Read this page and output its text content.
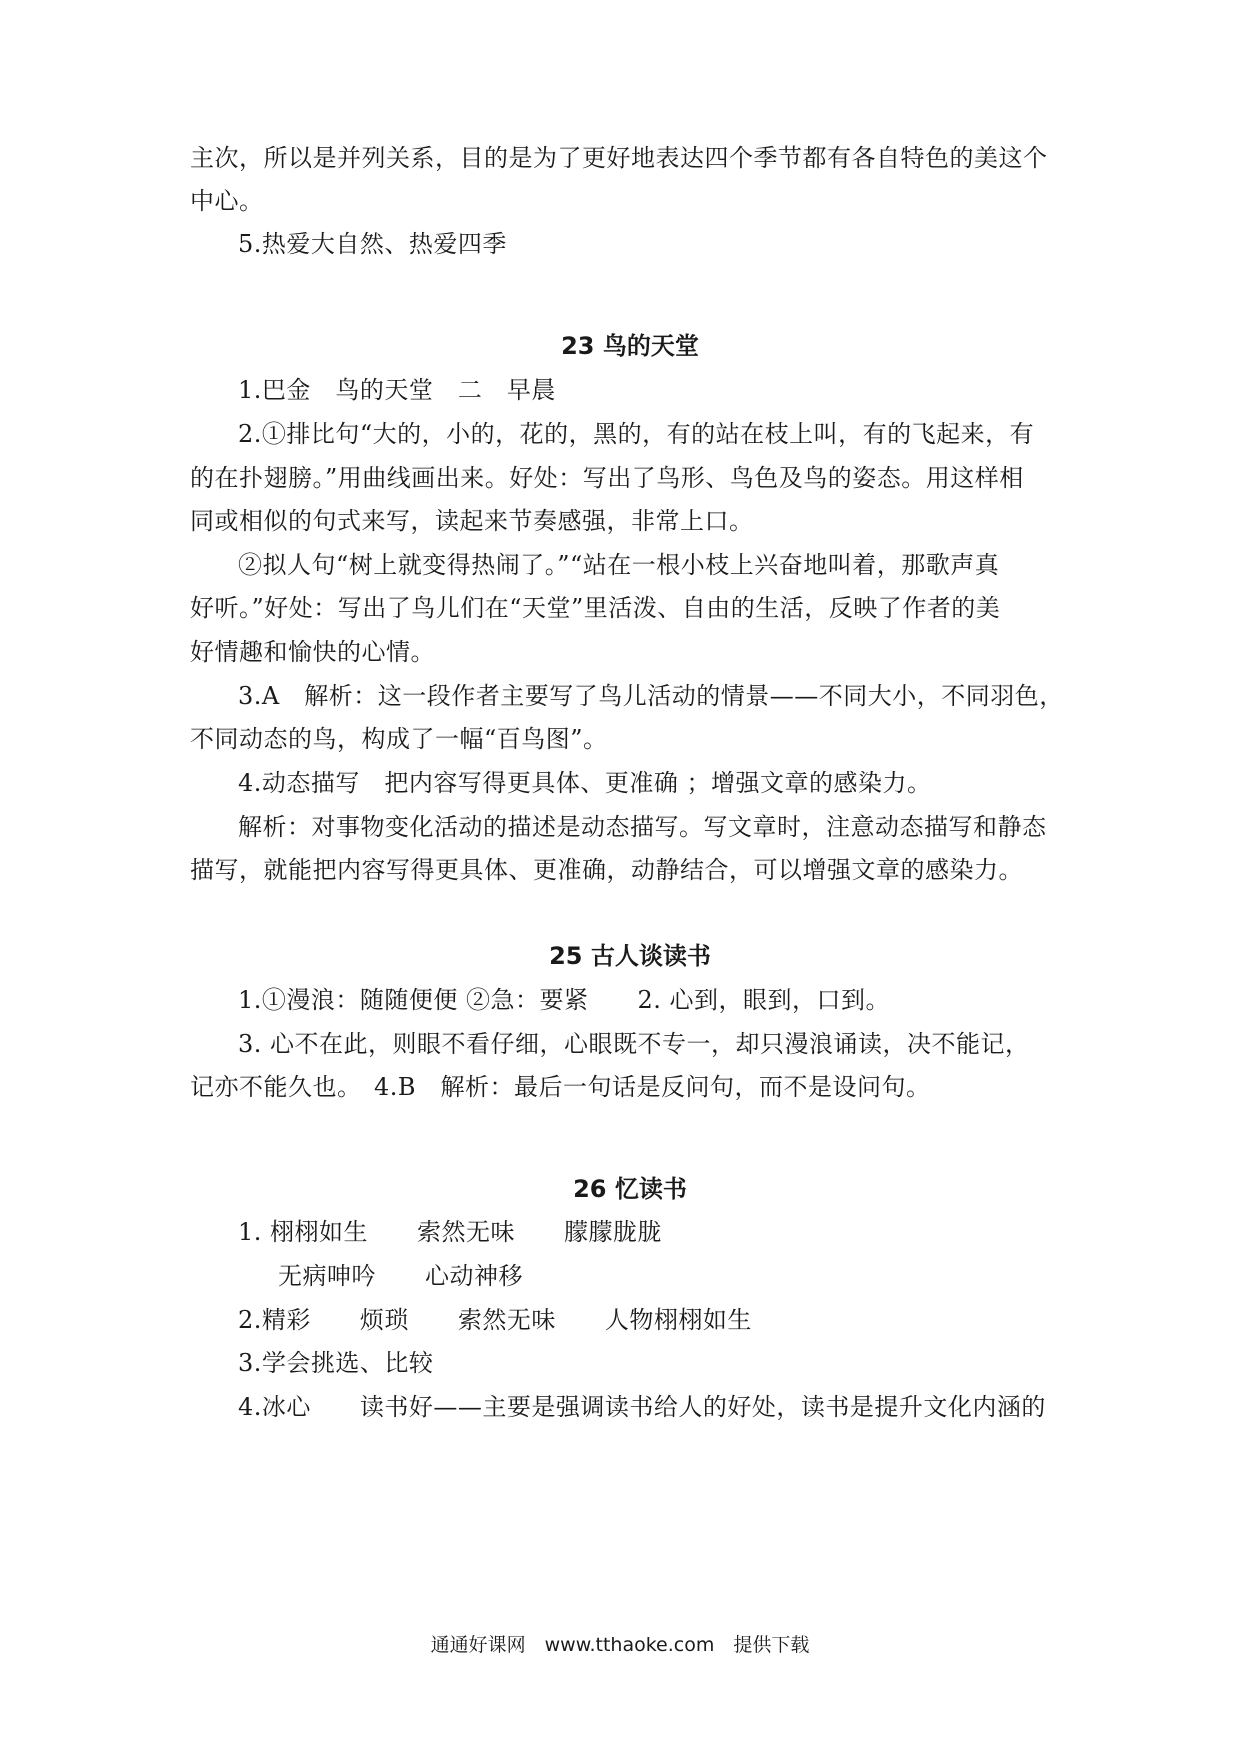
主次，所以是并列关系，目的是为了更好地表达四个季节都有各自特色的美这个
中心。
5.热爱大自然、热爱四季
23 鸟的天堂
1.巴金　鸟的天堂　二　早晨
2.①排比句“大的，小的，花的，黑的，有的站在枝上叫，有的飞起来，有
的在扑翅膀。”用曲线画出来。好处：写出了鸟形、鸟色及鸟的姿态。用这样相
同或相似的句式来写，读起来节奏感强，非常上口。
②拟人句“树上就变得热闹了。”“站在一根小枝上兴奋地叫着，那歌声真
好听。”好处：写出了鸟儿们在“天堂”里活泼、自由的生活，反映了作者的美
好情趣和愉快的心情。
3.A　解析：这一段作者主要写了鸟儿活动的情景——不同大小，不同羽色，
不同动态的鸟，构成了一幅“百鸟图”。
4.动态描写　把内容写得更具体、更准确 ；增强文章的感染力。
解析：对事物变化活动的描述是动态描写。写文章时，注意动态描写和静态
描写，就能把内容写得更具体、更准确，动静结合，可以增强文章的感染力。
25 古人谈读书
1.①漫浪：随随便便 ②急：要紧　　2. 心到，眼到，口到。
3. 心不在此，则眼不看仔细，心眼既不专一，却只漫浪诵读，决不能记，
记亦不能久也。　4.B　解析：最后一句话是反问句，而不是设问句。
26 忆读书
1. 栩栩如生　　索然无味　　朦朦胧胧
无病呻吟　　心动神移
2.精彩　　烦琐　　索然无味　　人物栩栩如生
3.学会挑选、比较
4.冰心　　读书好——主要是强调读书给人的好处，读书是提升文化内涵的
通通好课网　www.tthaoke.com　提供下载
